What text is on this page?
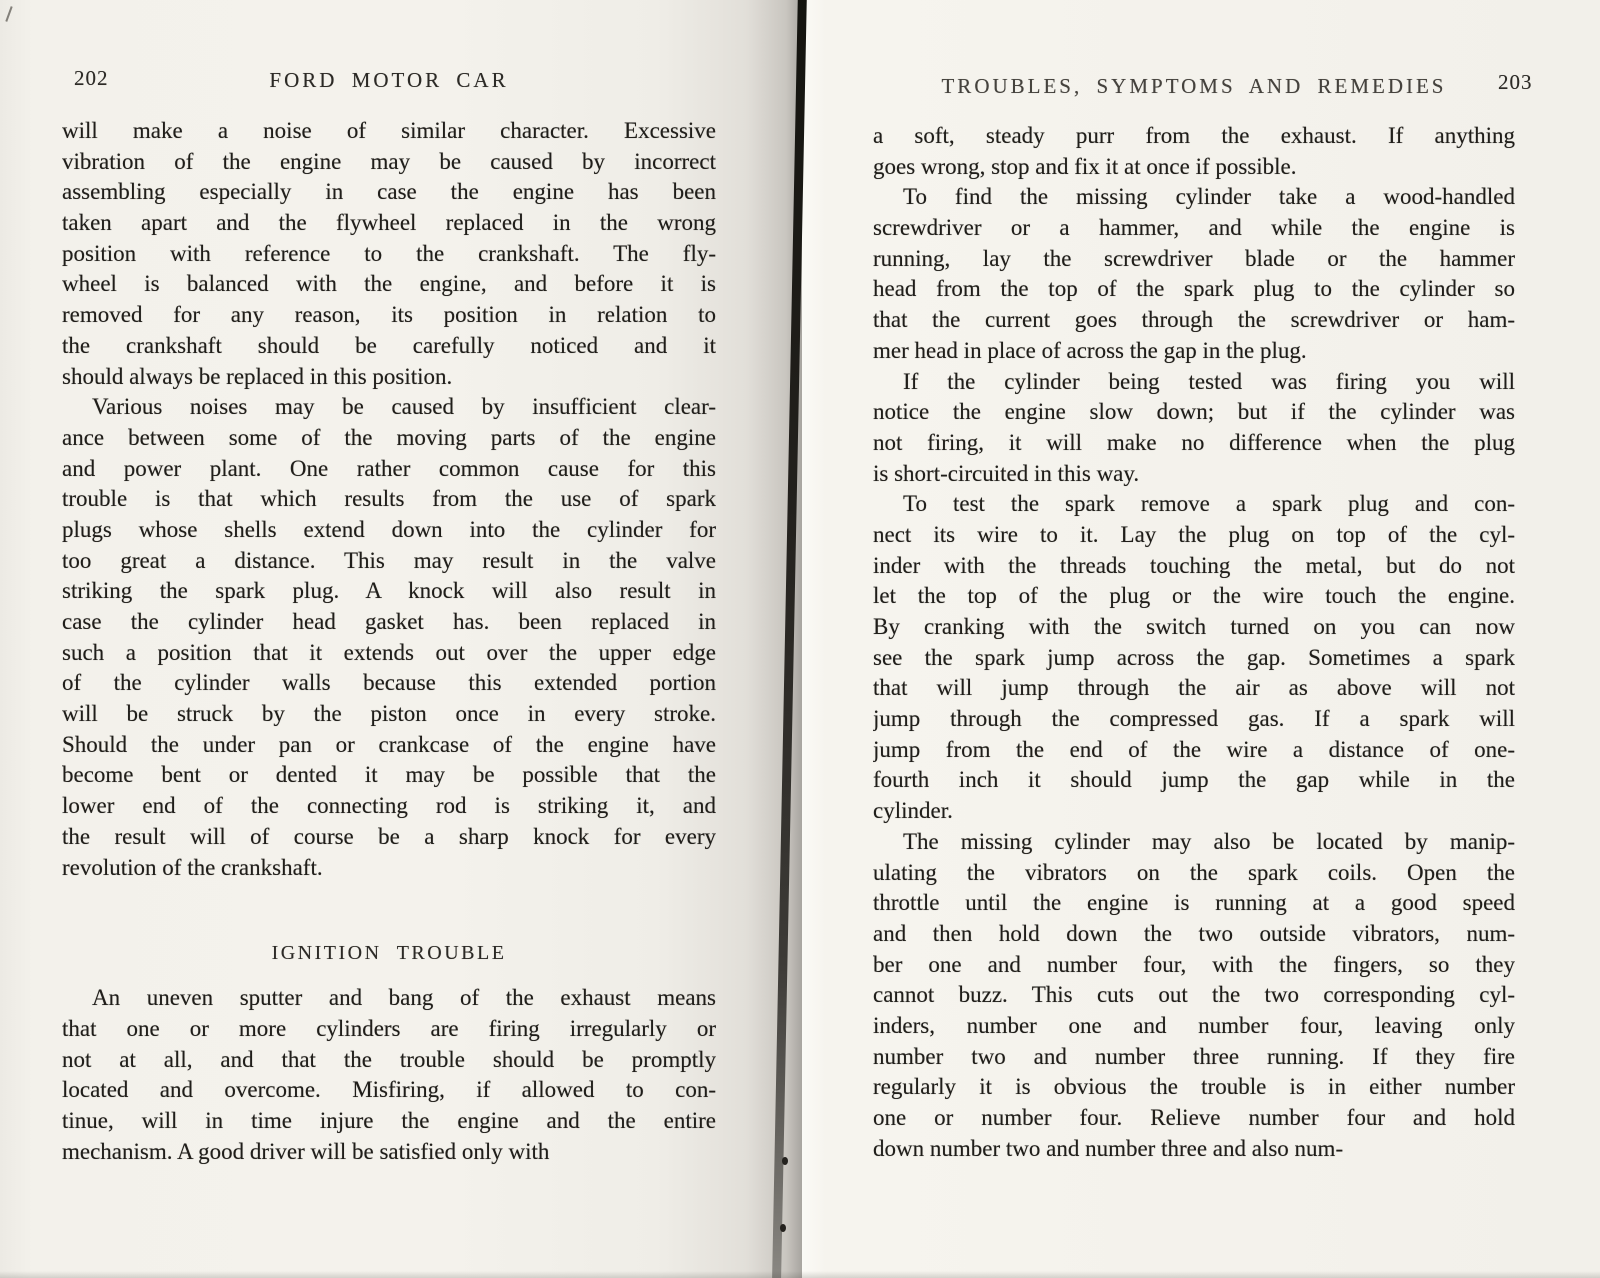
202	FORD MOTOR CAR	TROUBLES, SYMPTOMS AND REMEDIES	203
will make a noise of similar character. Excessive
vibration of the engine may be caused by incorrect
assembling especially in case the engine has been
taken apart and the flywheel replaced in the wrong
position with reference to the crankshaft. The fly-
wheel is balanced with the engine, and before it is
removed for any reason, its position in relation to
the crankshaft should be carefully noticed and it
should always be replaced in this position.
Various noises may be caused by insufficient clear-
ance between some of the moving parts of the engine
and power plant. One rather common cause for this
trouble is that which results from the use of spark
plugs whose shells extend down into the cylinder for
too great a distance. This may result in the valve
striking the spark plug. A knock will also result in
case the cylinder head gasket has. been replaced in
such a position that it extends out over the upper edge
of the cylinder walls because this extended portion
will be struck by the piston once in every stroke.
Should the under pan or crankcase of the engine have
become bent or dented it may be possible that the
lower end of the connecting rod is striking it, and
the result will of course be a sharp knock for every
revolution of the crankshaft.
IGNITION TROUBLE
An uneven sputter and bang of the exhaust means
that one or more cylinders are firing irregularly or
not at all, and that the trouble should be promptly
located and overcome. Misfiring, if allowed to con-
tinue, will in time injure the engine and the entire
mechanism. A good driver will be satisfied only with
a soft, steady purr from the exhaust. If anything
goes wrong, stop and fix it at once if possible.
To find the missing cylinder take a wood-handled
screwdriver or a hammer, and while the engine is
running, lay the screwdriver blade or the hammer
head from the top of the spark plug to the cylinder so
that the current goes through the screwdriver or ham-
mer head in place of across the gap in the plug.
If the cylinder being tested was firing you will
notice the engine slow down; but if the cylinder was
not firing, it will make no difference when the plug
is short-circuited in this way.
To test the spark remove a spark plug and con-
nect its wire to it. Lay the plug on top of the cyl-
inder with the threads touching the metal, but do not
let the top of the plug or the wire touch the engine.
By cranking with the switch turned on you can now
see the spark jump across the gap. Sometimes a spark
that will jump through the air as above will not
jump through the compressed gas. If a spark will
jump from the end of the wire a distance of one-
fourth inch it should jump the gap while in the
cylinder.
The missing cylinder may also be located by manip-
ulating the vibrators on the spark coils. Open the
throttle until the engine is running at a good speed
and then hold down the two outside vibrators, num-
ber one and number four, with the fingers, so they
cannot buzz. This cuts out the two corresponding cyl-
inders, number one and number four, leaving only
number two and number three running. If they fire
regularly it is obvious the trouble is in either number
one or number four. Relieve number four and hold
down number two and number three and also num-
